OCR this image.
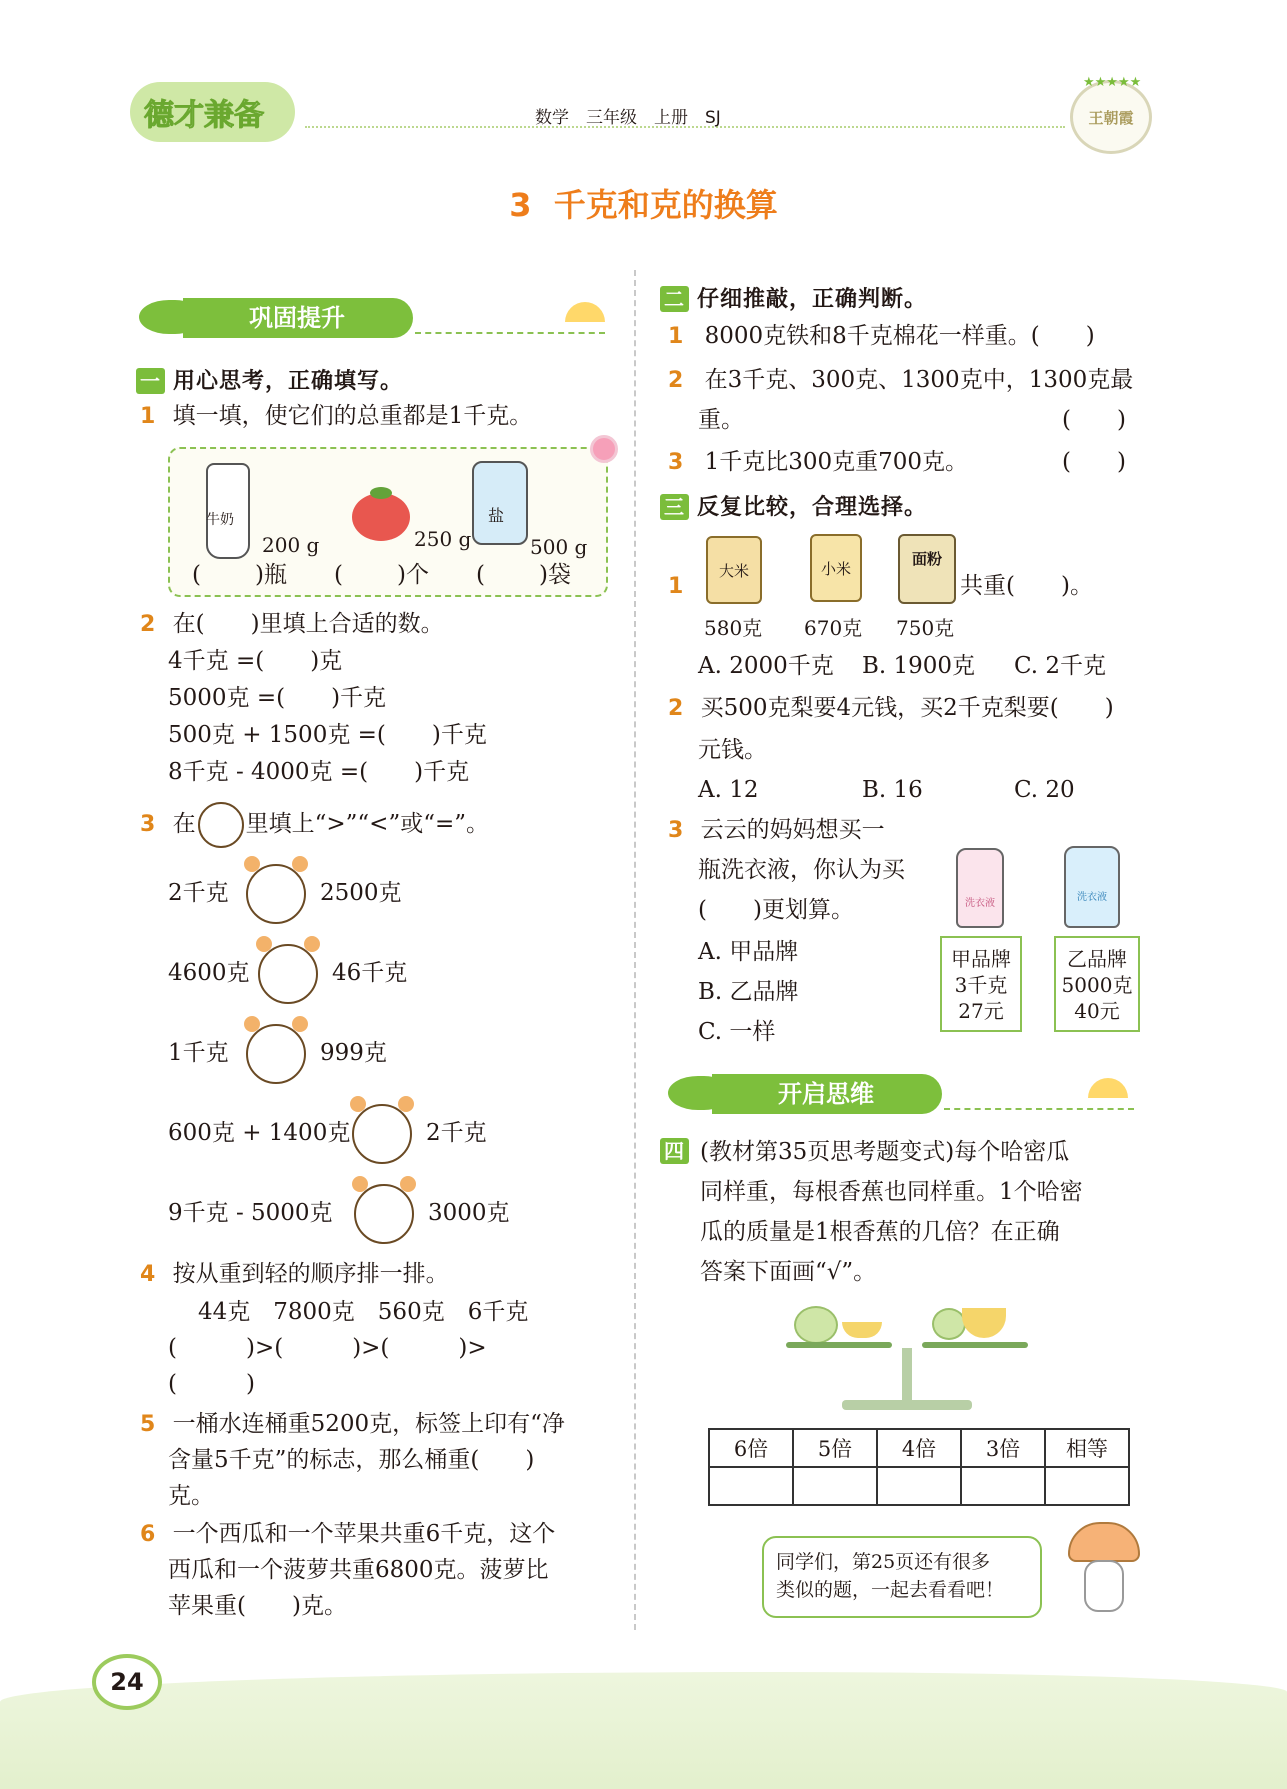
德才兼备	数学　三年级　上册　SJ
★★★★★
王朝霞
3  千克和克的换算
巩固提升
一 用心思考，正确填写。
1 填一填，使它们的总重都是1千克。
牛奶
200 g	250 g
盐
500 g
( )瓶 ( )个 ( )袋
2 在(　　)里填上合适的数。
4千克 =(　　)克
5000克 =(　　)千克
500克 + 1500克 =(　　)千克
8千克 - 4000克 =(　　)千克
3 在 里填上“>”“<”或“=”。
2千克	2500克
4600克	46千克
1千克	999克
600克 + 1400克	2千克
9千克 - 5000克	3000克
4 按从重到轻的顺序排一排。
44克　7800克　560克　6千克
(　　　)>(　　　)>(　　　)>
(　　　)
5 一桶水连桶重5200克，标签上印有“净
含量5千克”的标志，那么桶重(　　)
克。
6 一个西瓜和一个苹果共重6千克，这个
西瓜和一个菠萝共重6800克。菠萝比
苹果重(　　)克。
二 仔细推敲，正确判断。
1 8000克铁和8千克棉花一样重。(　　)
2 在3千克、300克、1300克中，1300克最
重。	(　　)
3 1千克比300克重700克。	(　　)
三 反复比较，合理选择。
1
大米	小米
面粉
580克 670克 750克
共重(　　)。
A. 2000千克 B. 1900克 C. 2千克
2 买500克梨要4元钱，买2千克梨要(　　)
元钱。
A. 12	B. 16	C. 20
3 云云的妈妈想买一
瓶洗衣液，你认为买
(　　)更划算。
A. 甲品牌
B. 乙品牌
C. 一样
洗衣液
洗衣液
甲品牌
3千克
27元
乙品牌
5000克
40元
开启思维
四 (教材第35页思考题变式)每个哈密瓜
同样重，每根香蕉也同样重。1个哈密
瓜的质量是1根香蕉的几倍？在正确
答案下面画“√”。
6倍	5倍	4倍	3倍	相等

同学们，第25页还有很多
类似的题，一起去看看吧！
24
